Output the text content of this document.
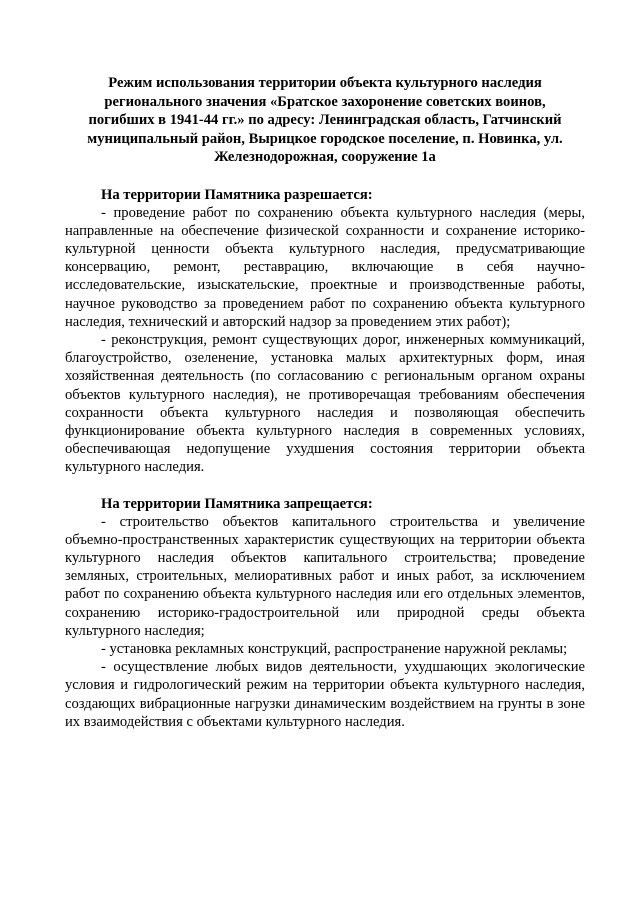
Режим использования территории объекта культурного наследия регионального значения «Братское захоронение советских воинов, погибших в 1941-44 гг.» по адресу: Ленинградская область, Гатчинский муниципальный район, Вырицкое городское поселение, п. Новинка, ул. Железнодорожная, сооружение 1а

На территории Памятника разрешается:

- проведение работ по сохранению объекта культурного наследия (меры, направленные на обеспечение физической сохранности и сохранение историко-культурной ценности объекта культурного наследия, предусматривающие консервацию, ремонт, реставрацию, включающие в себя научно-исследовательские, изыскательские, проектные и производственные работы, научное руководство за проведением работ по сохранению объекта культурного наследия, технический и авторский надзор за проведением этих работ);

- реконструкция, ремонт существующих дорог, инженерных коммуникаций, благоустройство, озеленение, установка малых архитектурных форм, иная хозяйственная деятельность (по согласованию с региональным органом охраны объектов культурного наследия), не противоречащая требованиям обеспечения сохранности объекта культурного наследия и позволяющая обеспечить функционирование объекта культурного наследия в современных условиях, обеспечивающая недопущение ухудшения состояния территории объекта культурного наследия.

На территории Памятника запрещается:

- строительство объектов капитального строительства и увеличение объемно-пространственных характеристик существующих на территории объекта культурного наследия объектов капитального строительства; проведение земляных, строительных, мелиоративных работ и иных работ, за исключением работ по сохранению объекта культурного наследия или его отдельных элементов, сохранению историко-градостроительной или природной среды объекта культурного наследия;

- установка рекламных конструкций, распространение наружной рекламы;

- осуществление любых видов деятельности, ухудшающих экологические условия и гидрологический режим на территории объекта культурного наследия, создающих вибрационные нагрузки динамическим воздействием на грунты в зоне их взаимодействия с объектами культурного наследия.
